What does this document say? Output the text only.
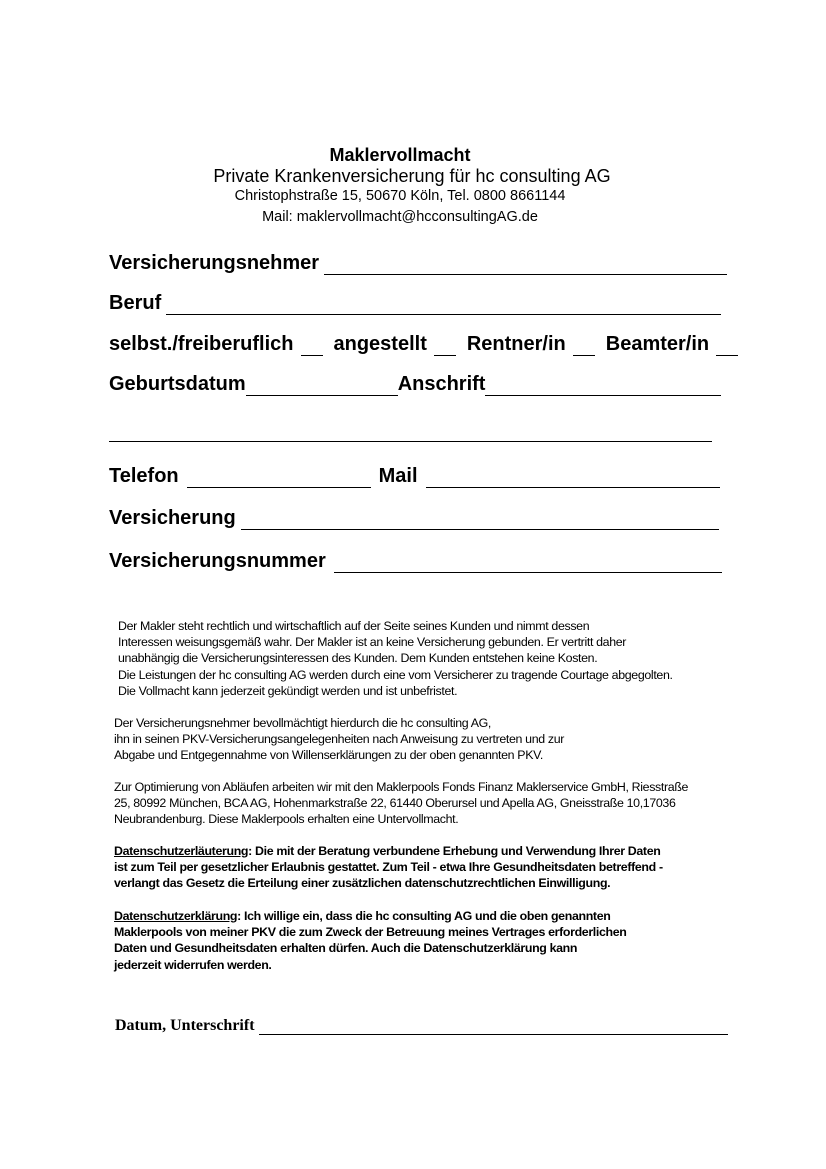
Maklervollmacht
Private Krankenversicherung für hc consulting AG
Christophstraße 15, 50670 Köln, Tel. 0800 8661144
Mail: maklervollmacht@hcconsultingAG.de
Versicherungsnehmer
Beruf
selbst./freiberuflich angestellt Rentner/in Beamter/in
Geburtsdatum	Anschrift
Telefon	Mail
Versicherung
Versicherungsnummer
Der Makler steht rechtlich und wirtschaftlich auf der Seite seines Kunden und nimmt dessen
Interessen weisungsgemäß wahr. Der Makler ist an keine Versicherung gebunden. Er vertritt daher
unabhängig die Versicherungsinteressen des Kunden. Dem Kunden entstehen keine Kosten.
Die Leistungen der hc consulting AG werden durch eine vom Versicherer zu tragende Courtage abgegolten.
Die Vollmacht kann jederzeit gekündigt werden und ist unbefristet.
Der Versicherungsnehmer bevollmächtigt hierdurch die hc consulting AG,
ihn in seinen PKV-Versicherungsangelegenheiten nach Anweisung zu vertreten und zur
Abgabe und Entgegennahme von Willenserklärungen zu der oben genannten PKV.
Zur Optimierung von Abläufen arbeiten wir mit den Maklerpools Fonds Finanz Maklerservice GmbH, Riesstraße
25, 80992 München, BCA AG, Hohenmarkstraße 22, 61440 Oberursel und Apella AG, Gneisstraße 10,17036
Neubrandenburg. Diese Maklerpools erhalten eine Untervollmacht.
Datenschutzerläuterung: Die mit der Beratung verbundene Erhebung und Verwendung Ihrer Daten
ist zum Teil per gesetzlicher Erlaubnis gestattet. Zum Teil - etwa Ihre Gesundheitsdaten betreffend -
verlangt das Gesetz die Erteilung einer zusätzlichen datenschutzrechtlichen Einwilligung.
Datenschutzerklärung: Ich willige ein, dass die hc consulting AG und die oben genannten
Maklerpools von meiner PKV die zum Zweck der Betreuung meines Vertrages erforderlichen
Daten und Gesundheitsdaten erhalten dürfen. Auch die Datenschutzerklärung kann
jederzeit widerrufen werden.
Datum, Unterschrift
